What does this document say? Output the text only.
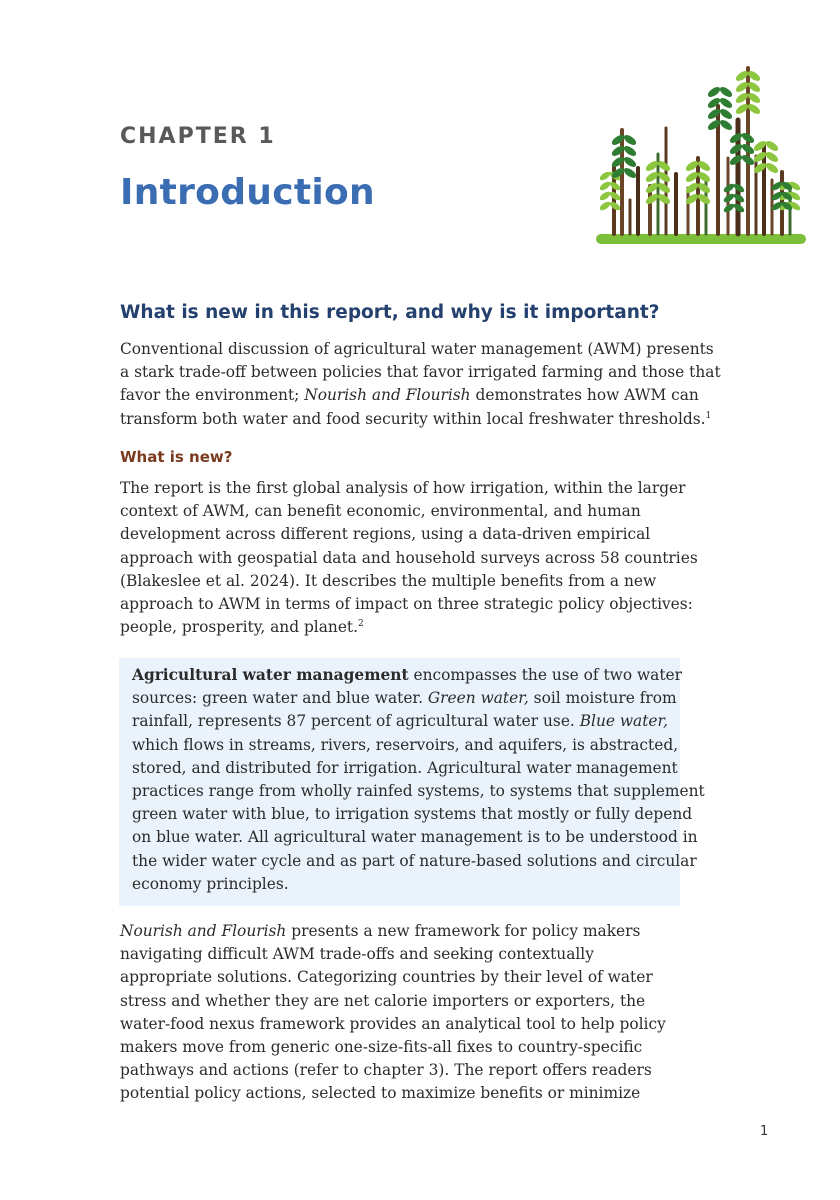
CHAPTER 1
Introduction
What is new in this report, and why is it important?
Conventional discussion of agricultural water management (AWM) presents
a stark trade-off between policies that favor irrigated farming and those that
favor the environment; Nourish and Flourish demonstrates how AWM can
transform both water and food security within local freshwater thresholds.$^1$
What is new?
The report is the first global analysis of how irrigation, within the larger
context of AWM, can benefit economic, environmental, and human
development across different regions, using a data-driven empirical
approach with geospatial data and household surveys across 58 countries
(Blakeslee et al. 2024). It describes the multiple benefits from a new
approach to AWM in terms of impact on three strategic policy objectives:
people, prosperity, and planet.$^2$
Agricultural water management encompasses the use of two water
sources: green water and blue water. Green water, soil moisture from
rainfall, represents 87 percent of agricultural water use. Blue water,
which flows in streams, rivers, reservoirs, and aquifers, is abstracted,
stored, and distributed for irrigation. Agricultural water management
practices range from wholly rainfed systems, to systems that supplement
green water with blue, to irrigation systems that mostly or fully depend
on blue water. All agricultural water management is to be understood in
the wider water cycle and as part of nature-based solutions and circular
economy principles.
Nourish and Flourish presents a new framework for policy makers
navigating difficult AWM trade-offs and seeking contextually
appropriate solutions. Categorizing countries by their level of water
stress and whether they are net calorie importers or exporters, the
water-food nexus framework provides an analytical tool to help policy
makers move from generic one-size-fits-all fixes to country-specific
pathways and actions (refer to chapter 3). The report offers readers
potential policy actions, selected to maximize benefits or minimize
1
